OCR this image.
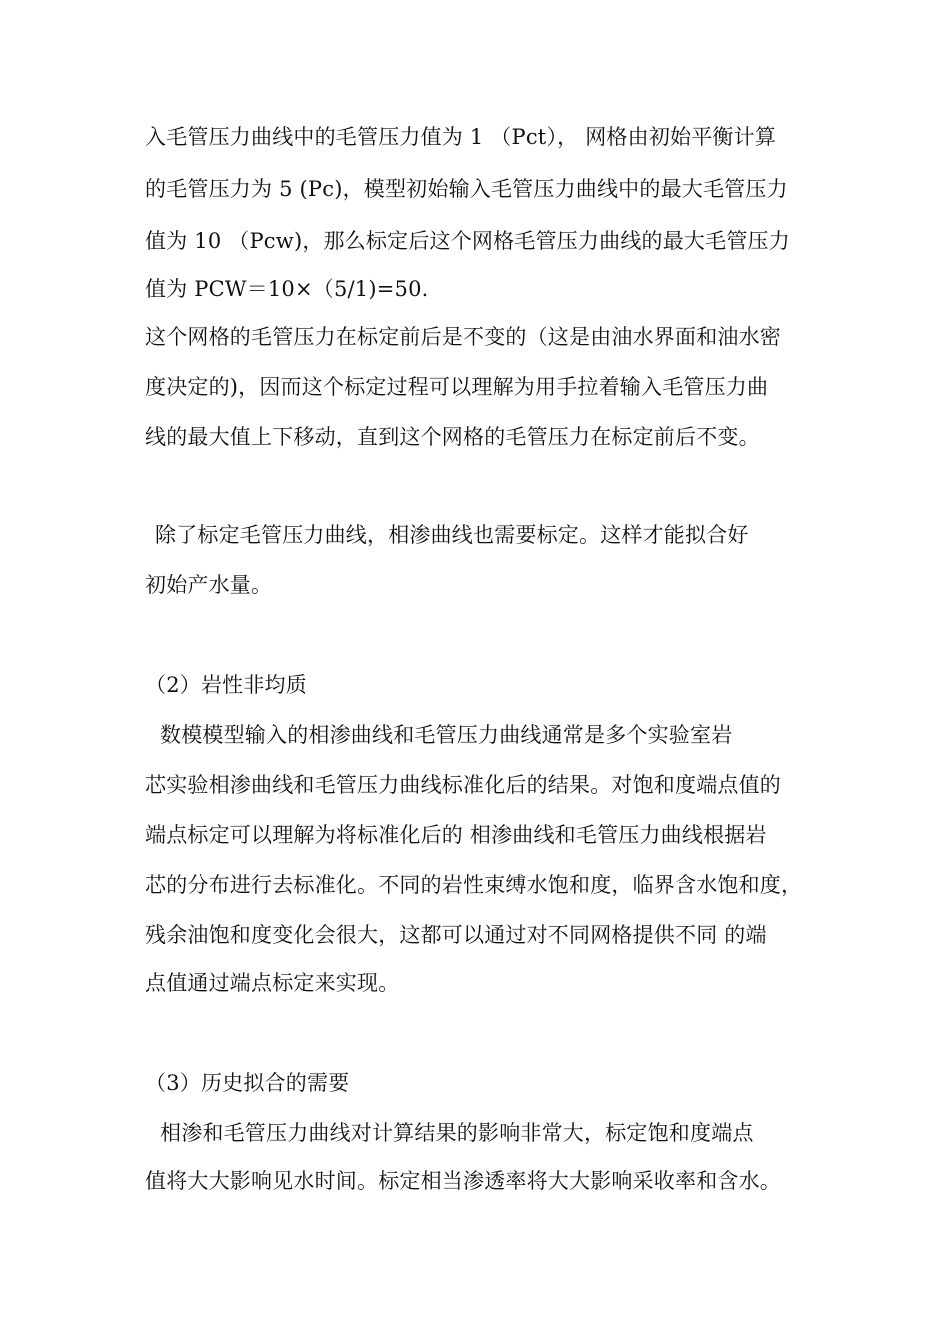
入毛管压力曲线中的毛管压力值为 1 （Pct）， 网格由初始平衡计算
的毛管压力为 5 (Pc)，模型初始输入毛管压力曲线中的最大毛管压力
值为 10 （Pcw)，那么标定后这个网格毛管压力曲线的最大毛管压力
值为 PCW＝10×（5/1)=50.
这个网格的毛管压力在标定前后是不变的（这是由油水界面和油水密
度决定的)，因而这个标定过程可以理解为用手拉着输入毛管压力曲
线的最大值上下移动，直到这个网格的毛管压力在标定前后不变。
除了标定毛管压力曲线，相渗曲线也需要标定。这样才能拟合好
初始产水量。
（2）岩性非均质
数模模型输入的相渗曲线和毛管压力曲线通常是多个实验室岩
芯实验相渗曲线和毛管压力曲线标准化后的结果。对饱和度端点值的
端点标定可以理解为将标准化后的 相渗曲线和毛管压力曲线根据岩
芯的分布进行去标准化。不同的岩性束缚水饱和度，临界含水饱和度，
残余油饱和度变化会很大，这都可以通过对不同网格提供不同 的端
点值通过端点标定来实现。
（3）历史拟合的需要
相渗和毛管压力曲线对计算结果的影响非常大，标定饱和度端点
值将大大影响见水时间。标定相当渗透率将大大影响采收率和含水。
